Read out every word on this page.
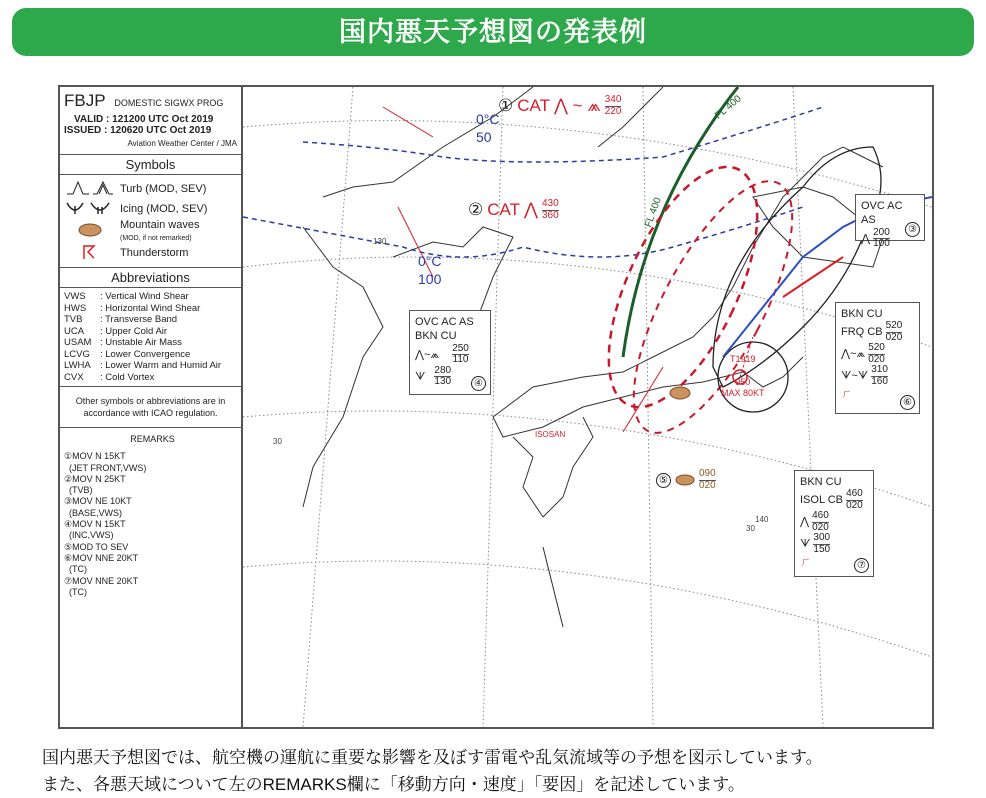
国内悪天予想図の発表例
FBJP DOMESTIC SIGWX PROG
VALID : 121200 UTC Oct 2019
ISSUED : 120620 UTC Oct 2019
Aviation Weather Center / JMA
Symbols
Turb (MOD, SEV)
Icing (MOD, SEV)
Mountain waves
(MOD, if not remarked)
Thunderstorm
Abbreviations
VWS : Vertical Wind Shear
HWS : Horizontal Wind Shear
TVB : Transverse Band
UCA : Upper Cold Air
USAM : Unstable Air Mass
LCVG : Lower Convergence
LWHA : Lower Warm and Humid Air
CVX : Cold Vortex
Other symbols or abbreviations are in accordance with ICAO regulation.
REMARKS
①MOV N 15KT
(JET FRONT,VWS)
②MOV N 25KT
(TVB)
③MOV NE 10KT
(BASE,VWS)
④MOV N 15KT
(INC,VWS)
⑤MOD TO SEV
⑥MOV NNE 20KT
(TC)
⑦MOV NNE 20KT
(TC)
0°C
50
0°C
100
① CAT ⋀ ~ ⩕ $\frac{340}{220}$
② CAT ⋀ $\frac{430}{360}$
FL 400
FL 400	OVC AC AS
⋀ $\frac{200}{100}$	③
OVC AC AS
BKN CU
⋀~⩕ $\frac{250}{110}$
ᗐ $\frac{280}{130}$	④
⑤	$\frac{090}{020}$
BKN CU
FRQ CB $\frac{520}{020}$
⋀~⩕ $\frac{520}{020}$
ᗐ~ᗐ $\frac{310}{160}$
ㄏ
⑥
BKN CU
ISOL CB $\frac{460}{020}$
⋀ $\frac{460}{020}$
ᗐ $\frac{300}{150}$
ㄏ	⑦
T1919
950
MAX 80KT
ISOSAN
130
30
140
30
国内悪天予想図では、航空機の運航に重要な影響を及ぼす雷電や乱気流域等の予想を図示しています。
また、各悪天域について左のREMARKS欄に「移動方向・速度」「要因」を記述しています。
